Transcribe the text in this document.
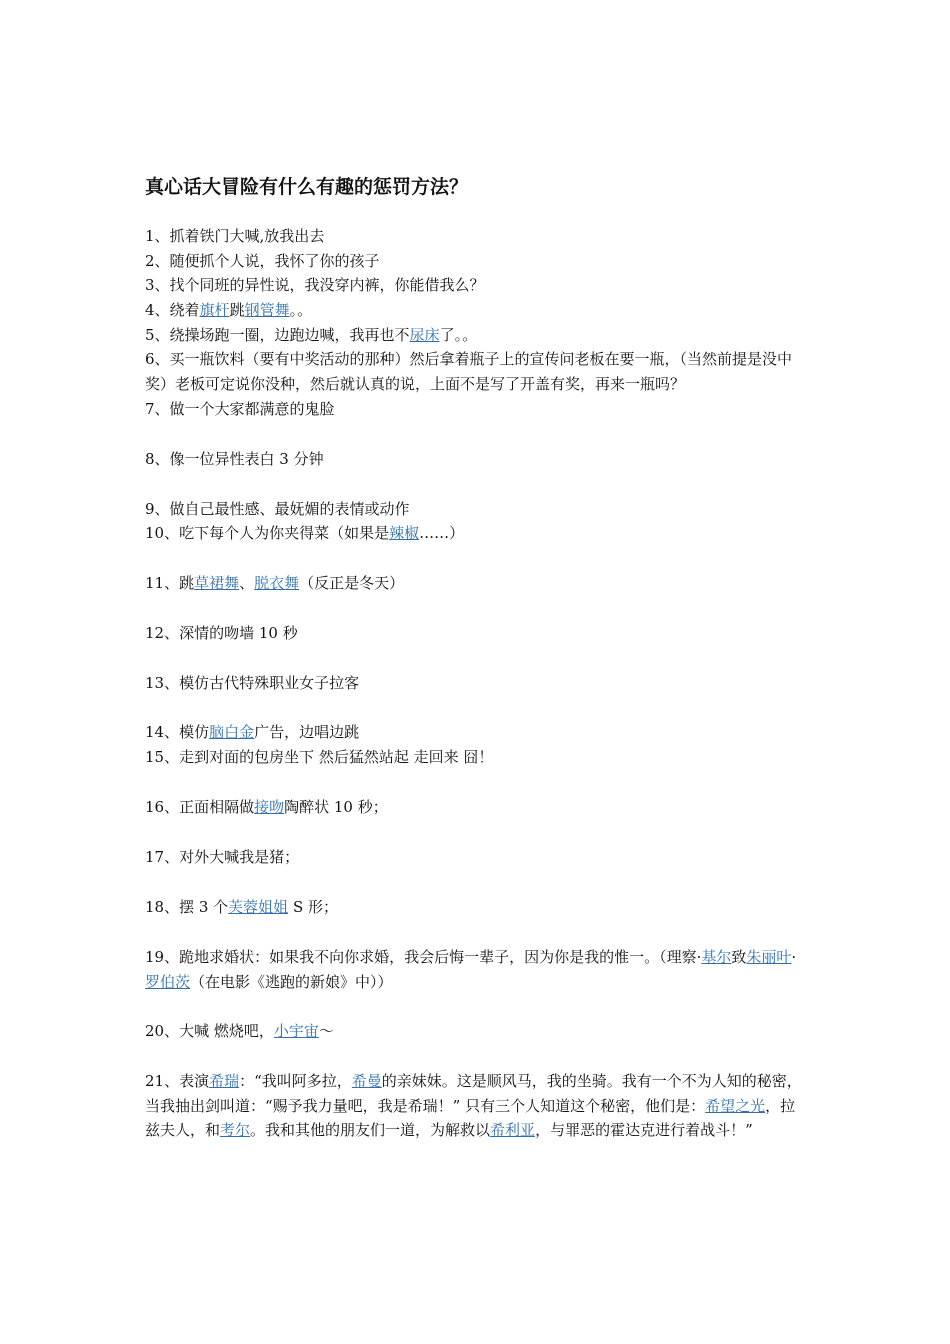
真心话大冒险有什么有趣的惩罚方法？
1、抓着铁门大喊,放我出去
2、随便抓个人说，我怀了你的孩子
3、找个同班的异性说，我没穿内裤，你能借我么？
4、绕着旗杆跳钢管舞。。
5、绕操场跑一圈，边跑边喊，我再也不尿床了。。
6、买一瓶饮料（要有中奖活动的那种）然后拿着瓶子上的宣传问老板在要一瓶，（当然前提是没中奖）老板可定说你没种，然后就认真的说，上面不是写了开盖有奖，再来一瓶吗？
7、做一个大家都满意的鬼脸
8、像一位异性表白 3 分钟
9、做自己最性感、最妩媚的表情或动作
10、吃下每个人为你夹得菜（如果是辣椒……）
11、跳草裙舞、脱衣舞（反正是冬天）
12、深情的吻墙 10 秒
13、模仿古代特殊职业女子拉客
14、模仿脑白金广告，边唱边跳
15、走到对面的包房坐下 然后猛然站起 走回来 囧！
16、正面相隔做接吻陶醉状 10 秒；
17、对外大喊我是猪；
18、摆 3 个芙蓉姐姐 S 形；
19、跪地求婚状：如果我不向你求婚，我会后悔一辈子，因为你是我的惟一。（理察·基尔致朱丽叶·罗伯茨（在电影《逃跑的新娘》中））
20、大喊 燃烧吧，小宇宙～
21、表演希瑞：“我叫阿多拉，希曼的亲妹妹。这是顺风马，我的坐骑。我有一个不为人知的秘密，当我抽出剑叫道：“赐予我力量吧，我是希瑞！” 只有三个人知道这个秘密，他们是：希望之光，拉兹夫人，和考尔。我和其他的朋友们一道，为解救以希利亚，与罪恶的霍达克进行着战斗！”
